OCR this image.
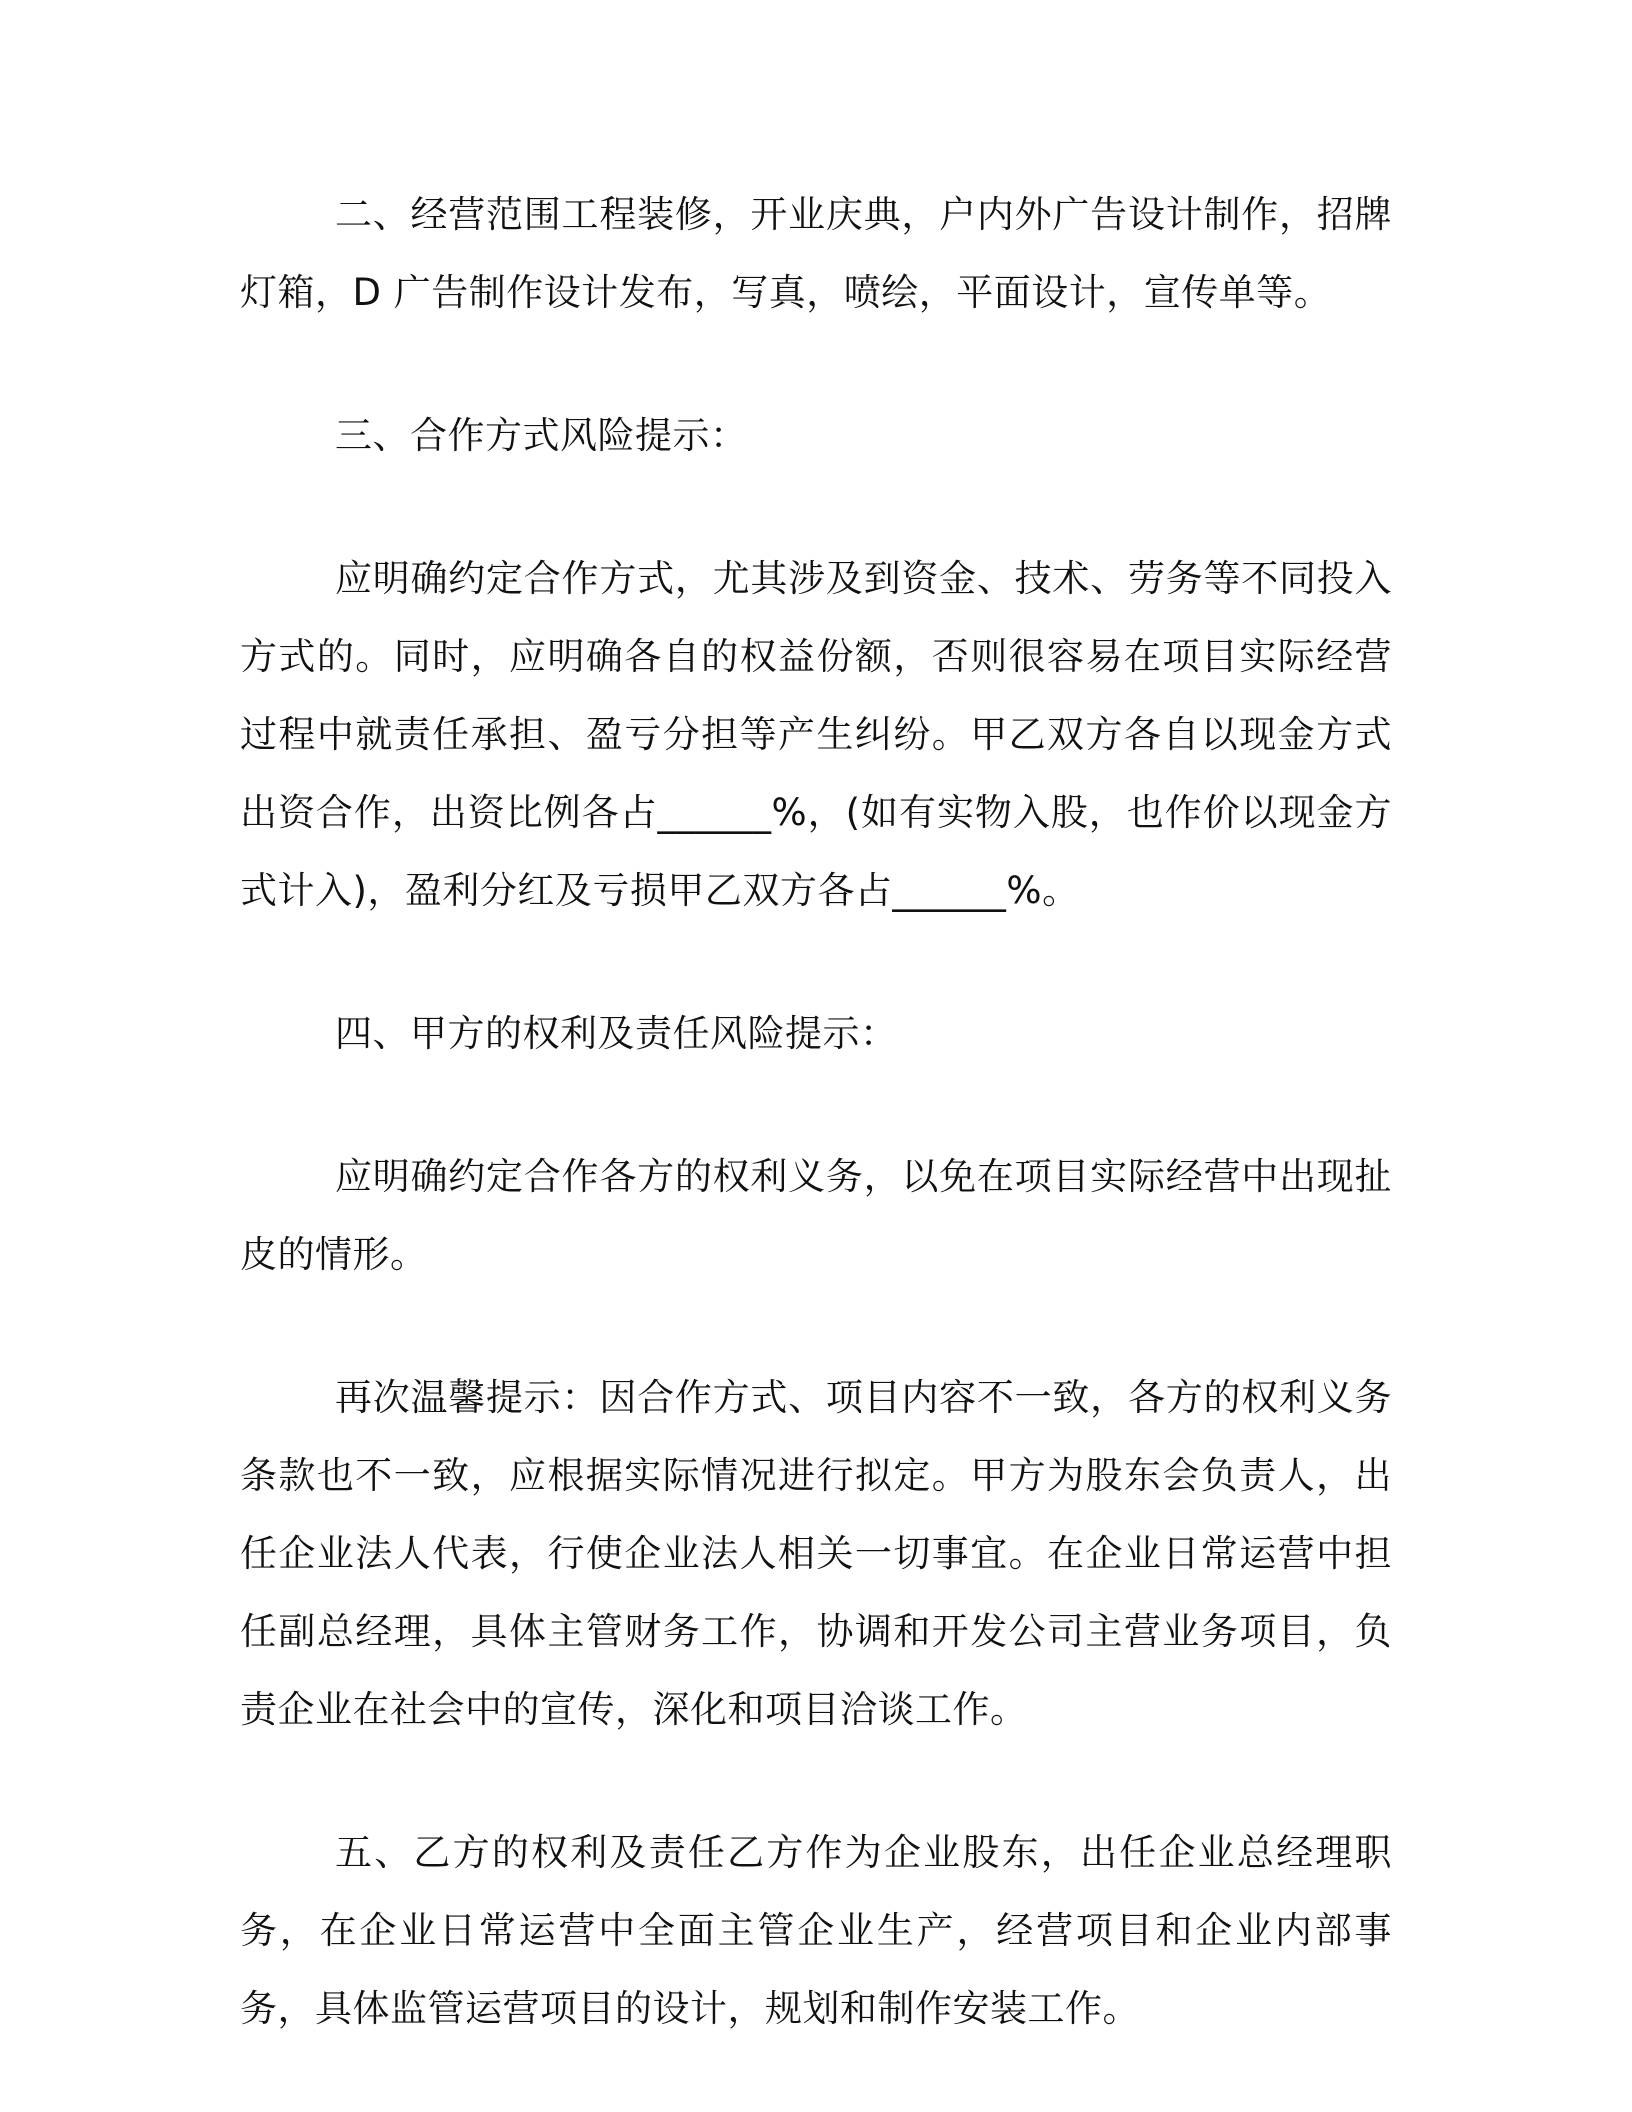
二、经营范围工程装修，开业庆典，户内外广告设计制作，招牌灯箱，D 广告制作设计发布，写真，喷绘，平面设计，宣传单等。

三、合作方式风险提示：

应明确约定合作方式，尤其涉及到资金、技术、劳务等不同投入方式的。同时，应明确各自的权益份额，否则很容易在项目实际经营过程中就责任承担、盈亏分担等产生纠纷。甲乙双方各自以现金方式出资合作，出资比例各占______%，(如有实物入股，也作价以现金方式计入)，盈利分红及亏损甲乙双方各占______%。

四、甲方的权利及责任风险提示：

应明确约定合作各方的权利义务，以免在项目实际经营中出现扯皮的情形。

再次温馨提示：因合作方式、项目内容不一致，各方的权利义务条款也不一致，应根据实际情况进行拟定。甲方为股东会负责人，出任企业法人代表，行使企业法人相关一切事宜。在企业日常运营中担任副总经理，具体主管财务工作，协调和开发公司主营业务项目，负责企业在社会中的宣传，深化和项目洽谈工作。

五、乙方的权利及责任乙方作为企业股东，出任企业总经理职务，在企业日常运营中全面主管企业生产，经营项目和企业内部事务，具体监管运营项目的设计，规划和制作安装工作。
